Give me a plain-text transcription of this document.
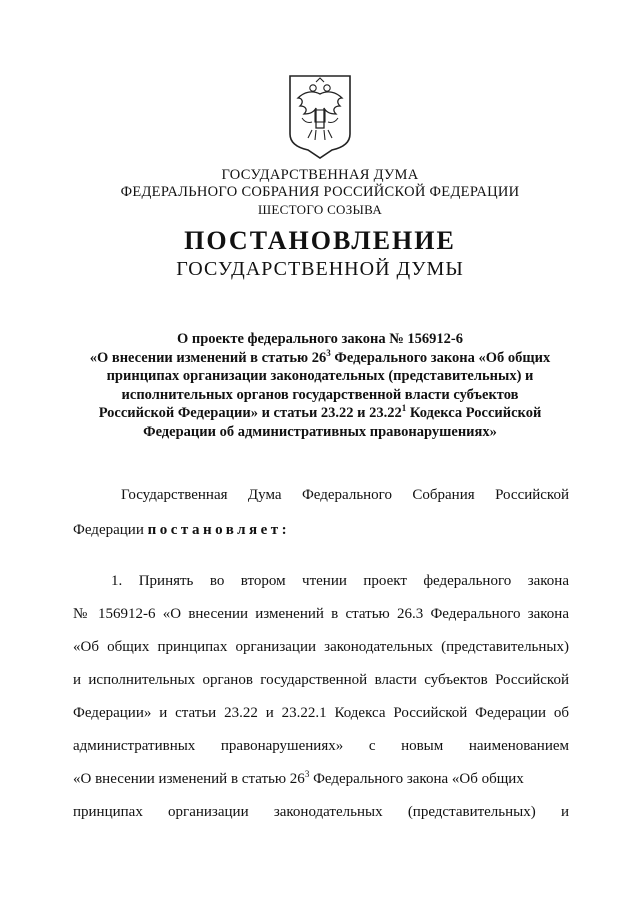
ГОСУДАРСТВЕННАЯ ДУМА
ФЕДЕРАЛЬНОГО СОБРАНИЯ РОССИЙСКОЙ ФЕДЕРАЦИИ
ШЕСТОГО СОЗЫВА
ПОСТАНОВЛЕНИЕ
ГОСУДАРСТВЕННОЙ ДУМЫ
О проекте федерального закона № 156912-6
«О внесении изменений в статью $26^3$ Федерального закона «Об общих
принципах организации законодательных (представительных) и
исполнительных органов государственной власти субъектов
Российской Федерации» и статьи 23.22 и 23.22$^1$ Кодекса Российской
Федерации об административных правонарушениях»
Государственная Дума Федерального Собрания Российской
Федерации постановляет:
1. Принять во втором чтении проект федерального закона
№ 156912-6 «О внесении изменений в статью 26.3 Федерального закона
«Об общих принципах организации законодательных (представительных)
и исполнительных органов государственной власти субъектов Российской
Федерации» и статьи 23.22 и 23.22.1 Кодекса Российской Федерации об
административных правонарушениях» с новым наименованием
«О внесении изменений в статью $26^3$ Федерального закона «Об общих
принципах организации законодательных (представительных) и
